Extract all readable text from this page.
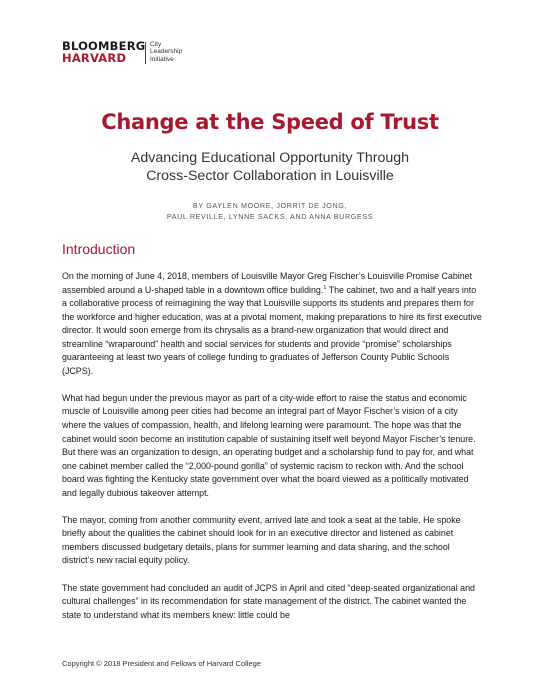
BLOOMBERG
HARVARD
City
Leadership
Initiative
Change at the Speed of Trust
Advancing Educational Opportunity Through
Cross-Sector Collaboration in Louisville
BY GAYLEN MOORE, JORRIT DE JONG,
PAUL REVILLE, LYNNE SACKS, AND ANNA BURGESS
Introduction

On the morning of June 4, 2018, members of Louisville Mayor Greg Fischer’s Louisville Promise Cabinet assembled around a U-shaped table in a downtown office building.$^1$ The cabinet, two and a half years into a collaborative process of reimagining the way that Louisville supports its students and prepares them for the workforce and higher education, was at a pivotal moment, making preparations to hire its first executive director. It would soon emerge from its chrysalis as a brand-new organization that would direct and streamline “wraparound” health and social services for students and provide “promise” scholarships guaranteeing at least two years of college funding to graduates of Jefferson County Public Schools (JCPS).

What had begun under the previous mayor as part of a city-wide effort to raise the status and economic muscle of Louisville among peer cities had become an integral part of Mayor Fischer’s vision of a city where the values of compassion, health, and lifelong learning were paramount. The hope was that the cabinet would soon become an institution capable of sustaining itself well beyond Mayor Fischer’s tenure. But there was an organization to design, an operating budget and a scholarship fund to pay for, and what one cabinet member called the “2,000-pound gorilla” of systemic racism to reckon with. And the school board was fighting the Kentucky state government over what the board viewed as a politically motivated and legally dubious takeover attempt.

The mayor, coming from another community event, arrived late and took a seat at the table. He spoke briefly about the qualities the cabinet should look for in an executive director and listened as cabinet members discussed budgetary details, plans for summer learning and data sharing, and the school district’s new racial equity policy.

The state government had concluded an audit of JCPS in April and cited “deep-seated organizational and cultural challenges” in its recommendation for state management of the district. The cabinet wanted the state to understand what its members knew: little could be

Copyright © 2018 President and Fellows of Harvard College
